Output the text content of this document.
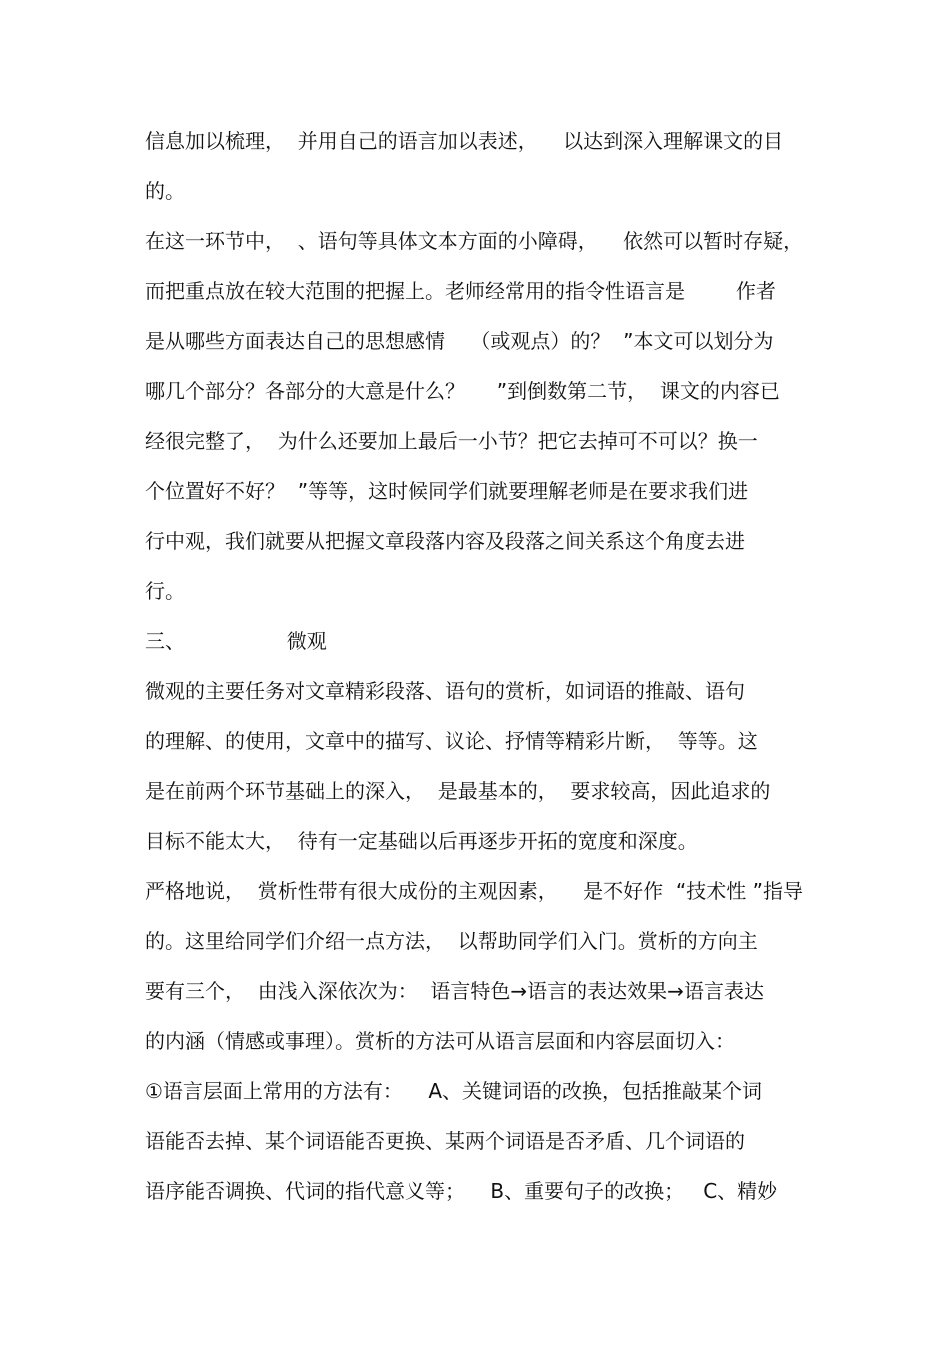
信息加以梳理，  并用自己的语言加以表述，    以达到深入理解课文的目

的。

在这一环节中，  、语句等具体文本方面的小障碍，    依然可以暂时存疑，

而把重点放在较大范围的把握上。老师经常用的指令性语言是        作者

是从哪些方面表达自己的思想感情    （或观点）的？  ”本文可以划分为

哪几个部分？各部分的大意是什么？     ”到倒数第二节，  课文的内容已

经很完整了，  为什么还要加上最后一小节？把它去掉可不可以？换一

个位置好不好？  ”等等，这时候同学们就要理解老师是在要求我们进

行中观，我们就要从把握文章段落内容及段落之间关系这个角度去进

行。

三、                微观

微观的主要任务对文章精彩段落、语句的赏析，如词语的推敲、语句

的理解、的使用，文章中的描写、议论、抒情等精彩片断，  等等。这

是在前两个环节基础上的深入，  是最基本的，  要求较高，因此追求的

目标不能太大，  待有一定基础以后再逐步开拓的宽度和深度。

严格地说，  赏析性带有很大成份的主观因素，    是不好作  “技术性 ”指导

的。这里给同学们介绍一点方法，  以帮助同学们入门。赏析的方向主

要有三个，  由浅入深依次为：  语言特色→语言的表达效果→语言表达

的内涵（情感或事理）。赏析的方法可从语言层面和内容层面切入：

①语言层面上常用的方法有：    A、关键词语的改换，包括推敲某个词

语能否去掉、某个词语能否更换、某两个词语是否矛盾、几个词语的

语序能否调换、代词的指代意义等；    B、重要句子的改换；   C、精妙
